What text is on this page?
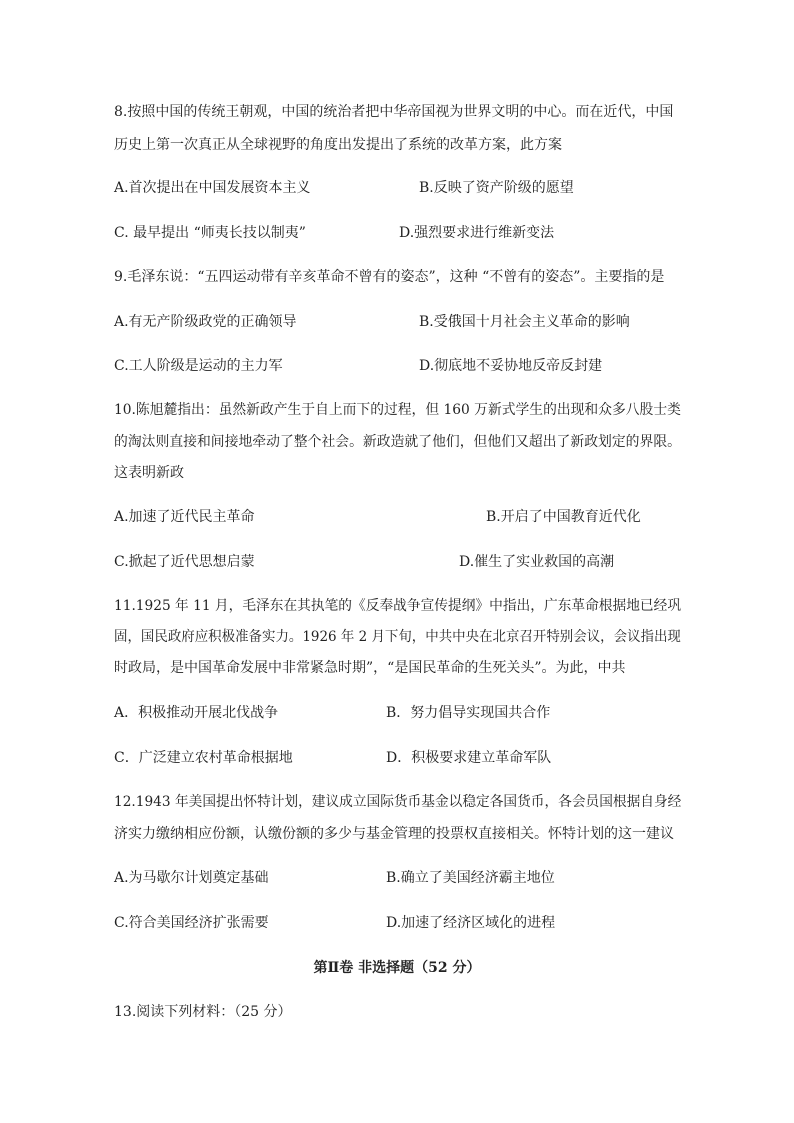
8.按照中国的传统王朝观，中国的统治者把中华帝国视为世界文明的中心。而在近代，中国
历史上第一次真正从全球视野的角度出发提出了系统的改革方案，此方案
A.首次提出在中国发展资本主义	B.反映了资产阶级的愿望
C. 最早提出 “师夷长技以制夷”	D.强烈要求进行维新变法
9.毛泽东说：“五四运动带有辛亥革命不曾有的姿态”，这种 “不曾有的姿态”。主要指的是
A.有无产阶级政党的正确领导	B.受俄国十月社会主义革命的影响
C.工人阶级是运动的主力军	D.彻底地不妥协地反帝反封建
10.陈旭麓指出：虽然新政产生于自上而下的过程，但 160 万新式学生的出现和众多八股士类
的淘汰则直接和间接地牵动了整个社会。新政造就了他们，但他们又超出了新政划定的界限。
这表明新政
A.加速了近代民主革命	B.开启了中国教育近代化
C.掀起了近代思想启蒙	D.催生了实业救国的高潮
11.1925 年 11 月，毛泽东在其执笔的《反奉战争宣传提纲》中指出，广东革命根据地已经巩
固，国民政府应积极准备实力。1926 年 2 月下旬，中共中央在北京召开特别会议，会议指出现
时政局，是中国革命发展中非常紧急时期”，“是国民革命的生死关头”。为此，中共
A．积极推动开展北伐战争	B．努力倡导实现国共合作
C．广泛建立农村革命根据地	D．积极要求建立革命军队
12.1943 年美国提出怀特计划，建议成立国际货币基金以稳定各国货币，各会员国根据自身经
济实力缴纳相应份额，认缴份额的多少与基金管理的投票权直接相关。怀特计划的这一建议
A.为马歇尔计划奠定基础	B.确立了美国经济霸主地位
C.符合美国经济扩张需要	D.加速了经济区域化的进程
第Ⅱ卷 非选择题（52 分）
13.阅读下列材料：（25 分）
